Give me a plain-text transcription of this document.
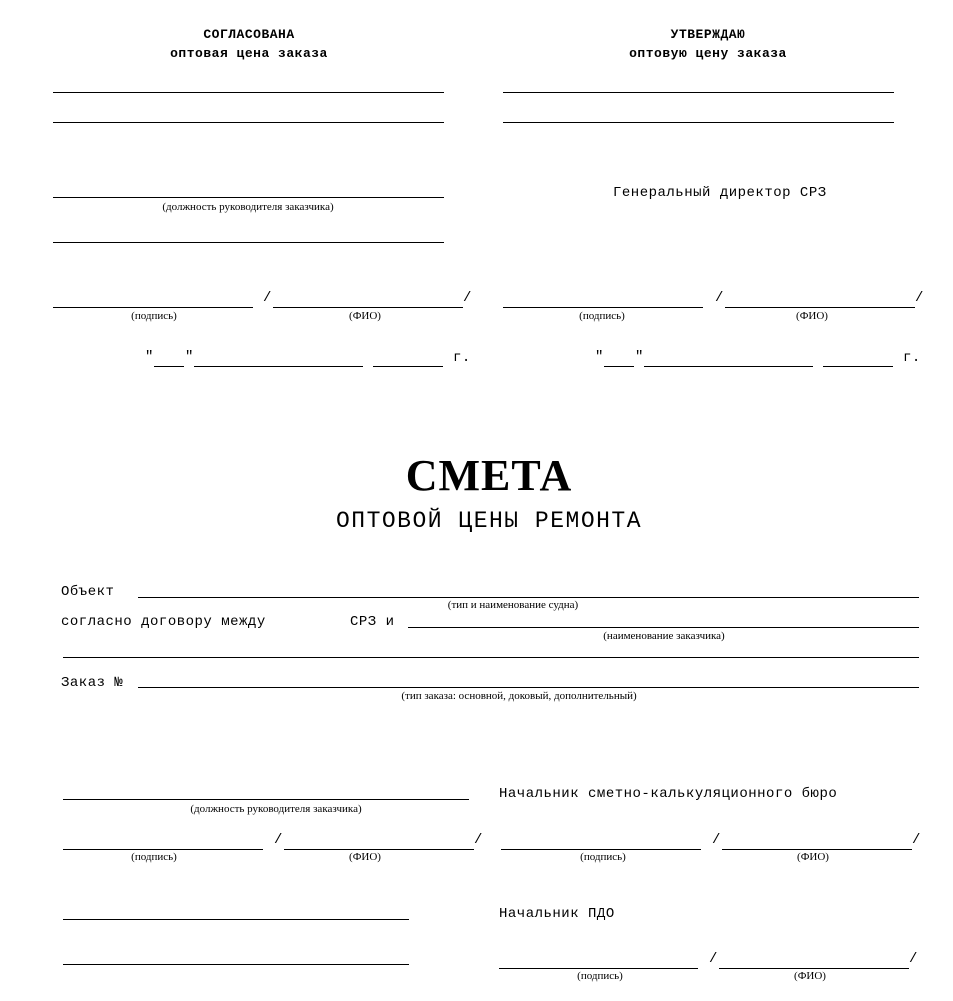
СОГЛАСОВАНА
оптовая цена заказа
УТВЕРЖДАЮ
оптовую цену заказа
(должность руководителя заказчика)
Генеральный директор СРЗ
/	/
(подпись)	(ФИО)
/	/
(подпись)	(ФИО)
" "	г.	" "	г.
СМЕТА
ОПТОВОЙ ЦЕНЫ РЕМОНТА
Объект
(тип и наименование судна)
согласно договору между	СРЗ и
(наименование заказчика)
Заказ №
(тип заказа: основной, доковый, дополнительный)
(должность руководителя заказчика)
/	/
(подпись)	(ФИО)
Начальник сметно-калькуляционного бюро
/	/
(подпись)	(ФИО)
Начальник ПДО
/	/
(подпись)	(ФИО)
